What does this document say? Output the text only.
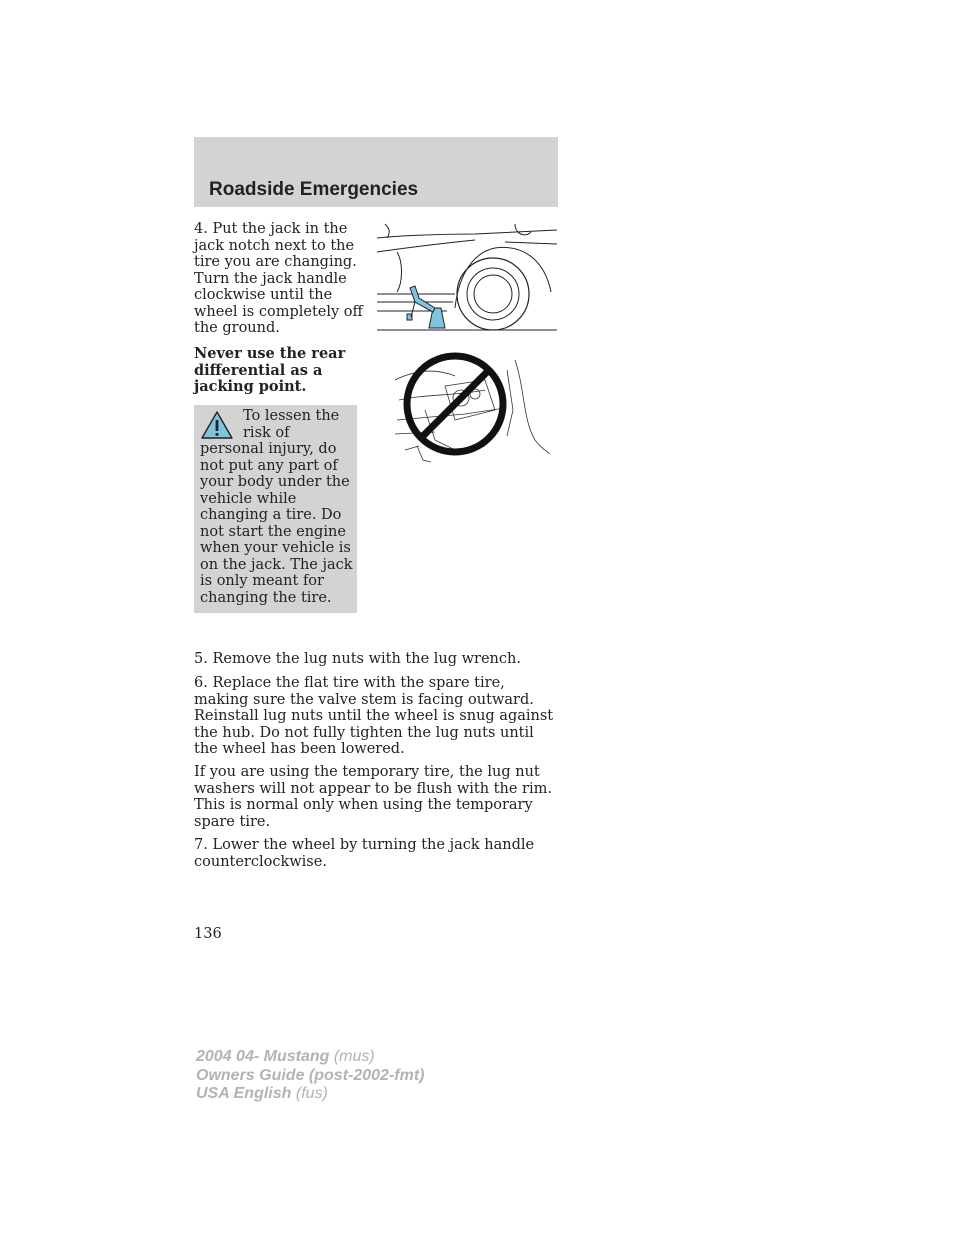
Roadside Emergencies
4. Put the jack in the jack notch next to the tire you are changing. Turn the jack handle clockwise until the wheel is completely off the ground.
Never use the rear differential as a jacking point.
To lessen the risk of personal injury, do not put any part of your body under the vehicle while changing a tire. Do not start the engine when your vehicle is on the jack. The jack is only meant for changing the tire.
5. Remove the lug nuts with the lug wrench.
6. Replace the flat tire with the spare tire, making sure the valve stem is facing outward. Reinstall lug nuts until the wheel is snug against the hub. Do not fully tighten the lug nuts until the wheel has been lowered.
If you are using the temporary tire, the lug nut washers will not appear to be flush with the rim. This is normal only when using the temporary spare tire.
7. Lower the wheel by turning the jack handle counterclockwise.
136
2004 04- Mustang (mus)
Owners Guide (post-2002-fmt)
USA English (fus)
